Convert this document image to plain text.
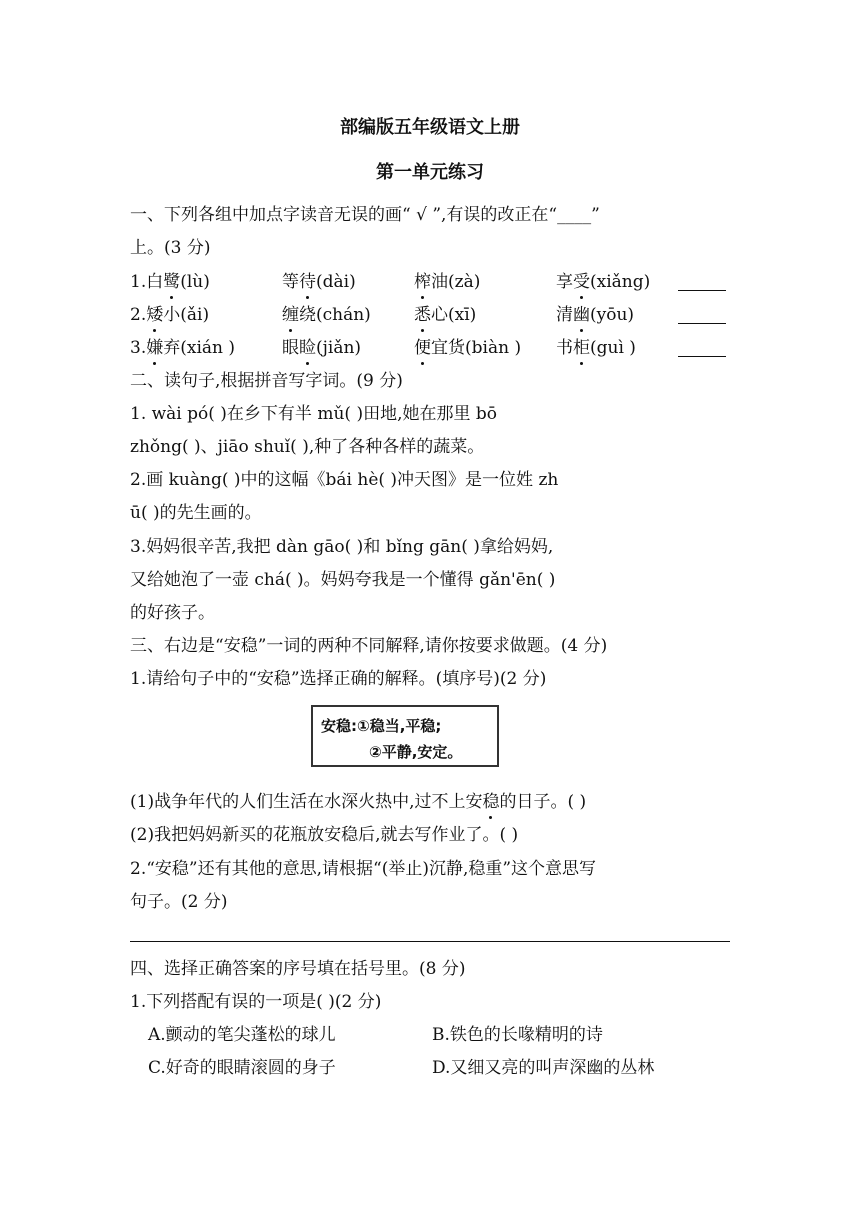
部编版五年级语文上册
第一单元练习
一、下列各组中加点字读音无误的画“ √ ”,有误的改正在“____”
上。(3 分)
1.白鹭(lù)	等待(dài)	榨油(zà)	享受(xiǎng)
2.矮小(ǎi)	缠绕(chán)	悉心(xī)	清幽(yōu)
3.嫌弃(xián )	眼睑(jiǎn)	便宜货(biàn ) 书柜(guì )
二、读句子,根据拼音写字词。(9 分)
1. wài pó( )在乡下有半 mǔ( )田地,她在那里 bō
zhǒng( )、jiāo shuǐ( ),种了各种各样的蔬菜。
2.画 kuàng( )中的这幅《bái hè( )冲天图》是一位姓 zh
ū( )的先生画的。
3.妈妈很辛苦,我把 dàn gāo( )和 bǐng gān( )拿给妈妈,
又给她泡了一壶 chá( )。妈妈夸我是一个懂得 gǎn'ēn( )
的好孩子。
三、右边是“安稳”一词的两种不同解释,请你按要求做题。(4 分)
1.请给句子中的“安稳”选择正确的解释。(填序号)(2 分)
安稳:①稳当,平稳;
②平静,安定。
(1)战争年代的人们生活在水深火热中,过不上安稳的日子。( )
(2)我把妈妈新买的花瓶放安稳后,就去写作业了。( )
2.“安稳”还有其他的意思,请根据“(举止)沉静,稳重”这个意思写
句子。(2 分)
四、选择正确答案的序号填在括号里。(8 分)
1.下列搭配有误的一项是( )(2 分)
A.颤动的笔尖蓬松的球儿	B.铁色的长喙精明的诗
C.好奇的眼睛滚圆的身子	D.又细又亮的叫声深幽的丛林
